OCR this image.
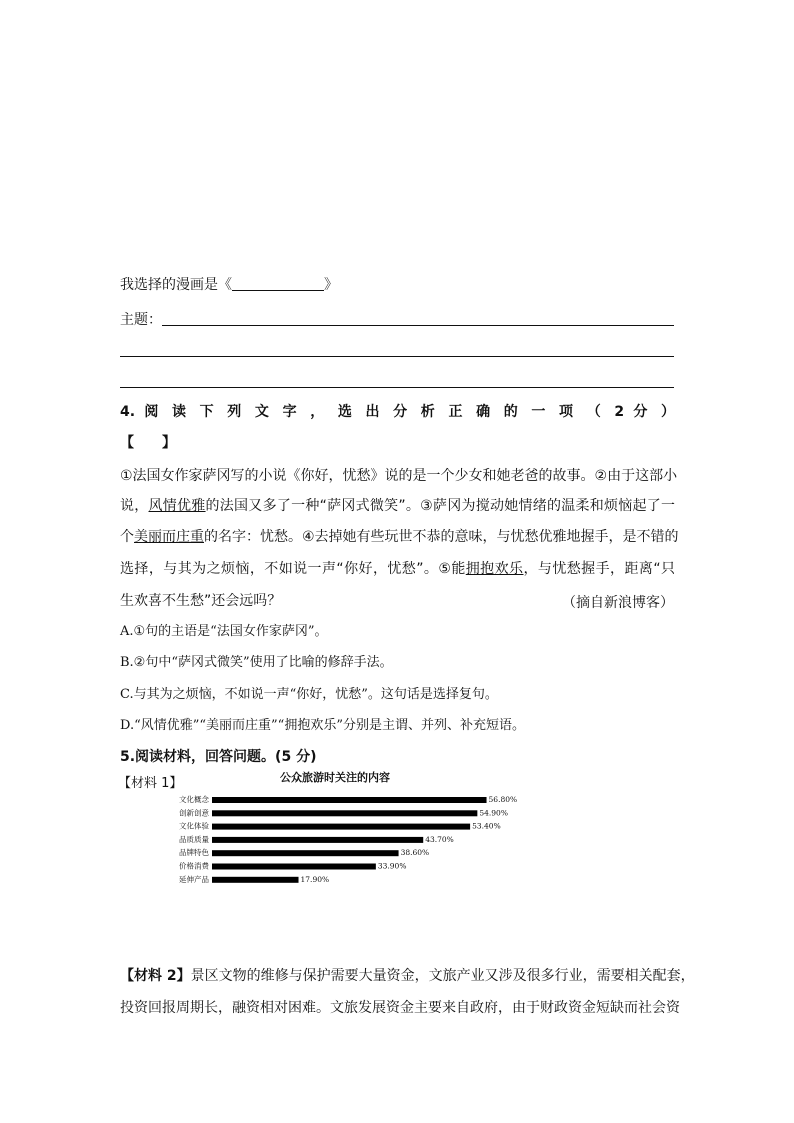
我选择的漫画是《	》
主题：
4. 阅 读 下 列 文 字 ， 选 出 分 析 正 确 的 一 项 （ 2 分 ）
【　　】
①法国女作家萨冈写的小说《你好，忧愁》说的是一个少女和她老爸的故事。②由于这部小
说，风情优雅的法国又多了一种“萨冈式微笑”。③萨冈为搅动她情绪的温柔和烦恼起了一
个美丽而庄重的名字：忧愁。④去掉她有些玩世不恭的意味，与忧愁优雅地握手，是不错的
选择，与其为之烦恼，不如说一声“你好，忧愁”。⑤能拥抱欢乐，与忧愁握手，距离“只
生欢喜不生愁”还会远吗？	（摘自新浪博客）
A.①句的主语是“法国女作家萨冈”。
B.②句中“萨冈式微笑”使用了比喻的修辞手法。
C.与其为之烦恼，不如说一声“你好，忧愁”。这句话是选择复句。
D.“风情优雅”“美丽而庄重”“拥抱欢乐”分别是主谓、并列、补充短语。
5.阅读材料，回答问题。(5 分)
【材料 1】	公众旅游时关注的内容
文化概念	56.80%
创新创意	54.90%
文化体验	53.40%
品质质量	43.70%
品牌特色	38.60%
价格消费	33.90%
延伸产品	17.90%
【材料 2】景区文物的维修与保护需要大量资金，文旅产业又涉及很多行业，需要相关配套，
投资回报周期长，融资相对困难。文旅发展资金主要来自政府，由于财政资金短缺而社会资
